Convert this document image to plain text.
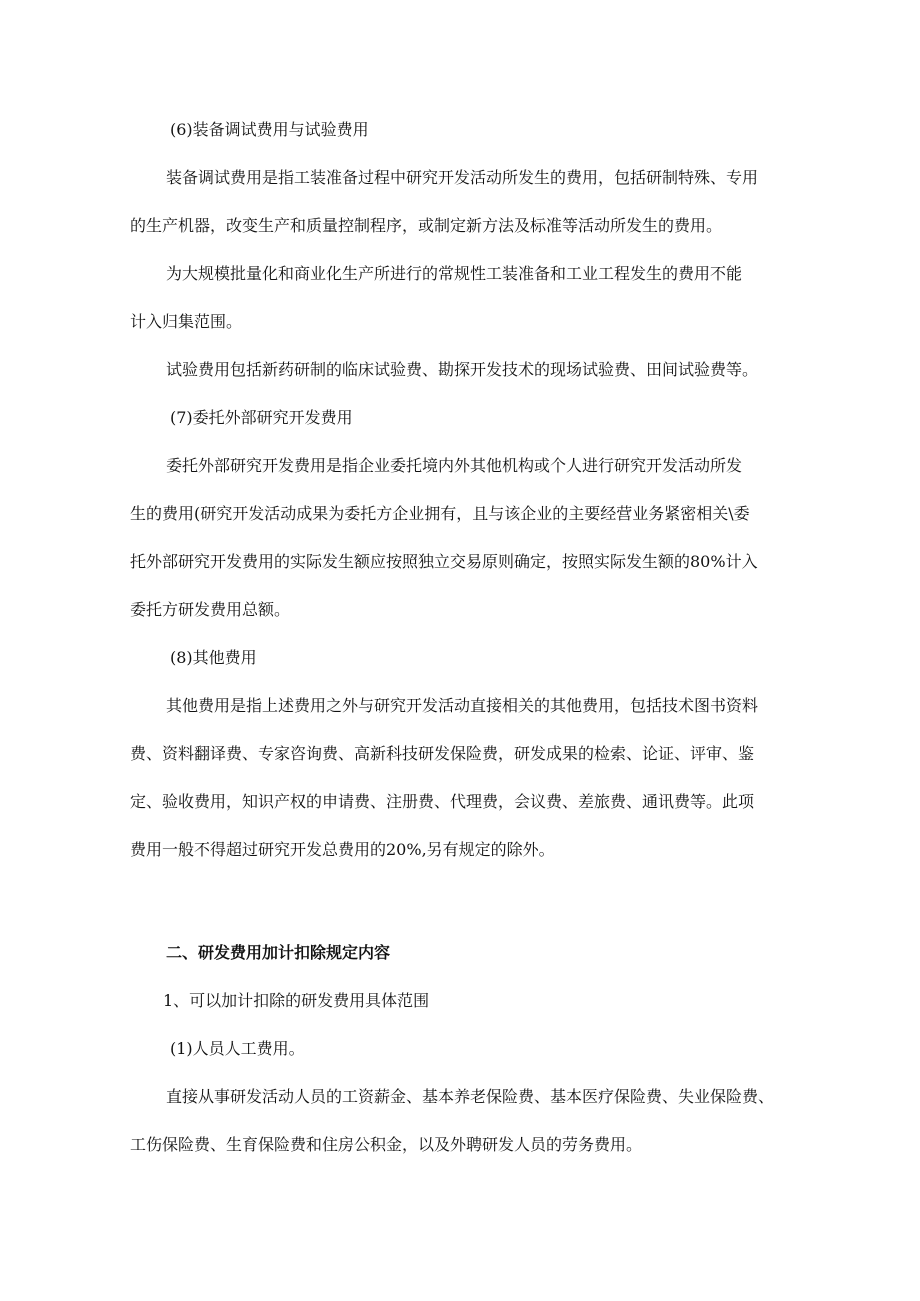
(6)装备调试费用与试验费用
装备调试费用是指工装准备过程中研究开发活动所发生的费用，包括研制特殊、专用
的生产机器，改变生产和质量控制程序，或制定新方法及标准等活动所发生的费用。
为大规模批量化和商业化生产所进行的常规性工装准备和工业工程发生的费用不能
计入归集范围。
试验费用包括新药研制的临床试验费、勘探开发技术的现场试验费、田间试验费等。
(7)委托外部研究开发费用
委托外部研究开发费用是指企业委托境内外其他机构或个人进行研究开发活动所发
生的费用(研究开发活动成果为委托方企业拥有，且与该企业的主要经营业务紧密相关\委
托外部研究开发费用的实际发生额应按照独立交易原则确定，按照实际发生额的80%计入
委托方研发费用总额。
(8)其他费用
其他费用是指上述费用之外与研究开发活动直接相关的其他费用，包括技术图书资料
费、资料翻译费、专家咨询费、高新科技研发保险费，研发成果的检索、论证、评审、鉴
定、验收费用，知识产权的申请费、注册费、代理费，会议费、差旅费、通讯费等。此项
费用一般不得超过研究开发总费用的20%,另有规定的除外。
二、研发费用加计扣除规定内容
1、可以加计扣除的研发费用具体范围
(1)人员人工费用。
直接从事研发活动人员的工资薪金、基本养老保险费、基本医疗保险费、失业保险费、
工伤保险费、生育保险费和住房公积金，以及外聘研发人员的劳务费用。
